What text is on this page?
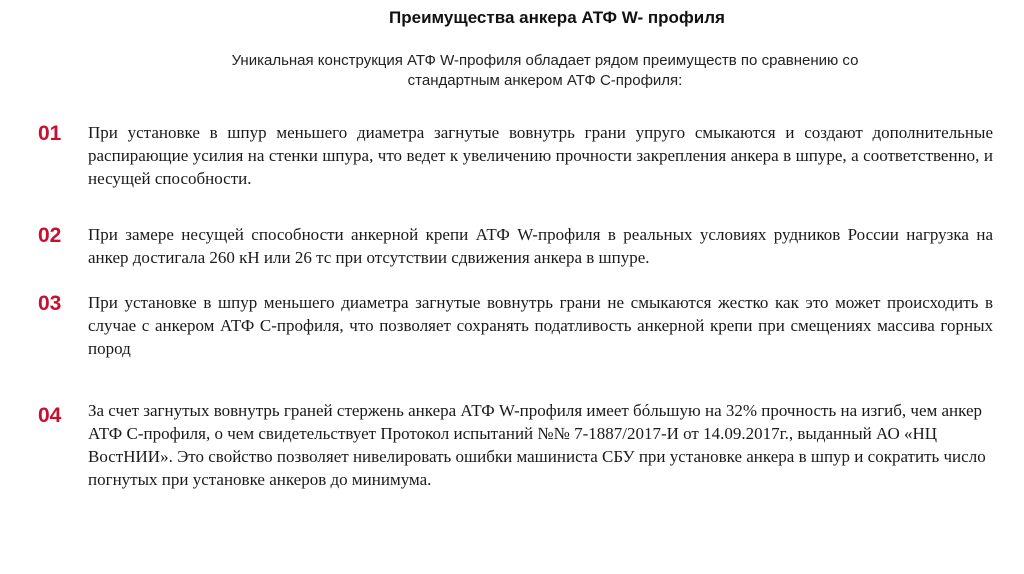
Преимущества анкера АТФ W- профиля
Уникальная конструкция АТФ W-профиля обладает рядом преимуществ по сравнению со
стандартным анкером АТФ С-профиля:
01 При установке в шпур меньшего диаметра загнутые вовнутрь грани упруго смыкаются и создают дополнительные распирающие усилия на стенки шпура, что ведет к увеличению прочности закрепления анкера в шпуре, а соответственно, и несущей способности.
02 При замере несущей способности анкерной крепи АТФ W-профиля в реальных условиях рудников России нагрузка на анкер достигала 260 кН или 26 тс при отсутствии сдвижения анкера в шпуре.
03 При установке в шпур меньшего диаметра загнутые вовнутрь грани не смыкаются жестко как это может происходить в случае с анкером АТФ С-профиля, что позволяет сохранять податливость анкерной крепи при смещениях массива горных пород
04 За счет загнутых вовнутрь граней стержень анкера АТФ W-профиля имеет бóльшую на 32% прочность на изгиб, чем анкер АТФ С-профиля, о чем свидетельствует Протокол испытаний №№ 7-1887/2017-И от 14.09.2017г., выданный АО «НЦ ВостНИИ». Это свойство позволяет нивелировать ошибки машиниста СБУ при установке анкера в шпур и сократить число погнутых при установке анкеров до минимума.
